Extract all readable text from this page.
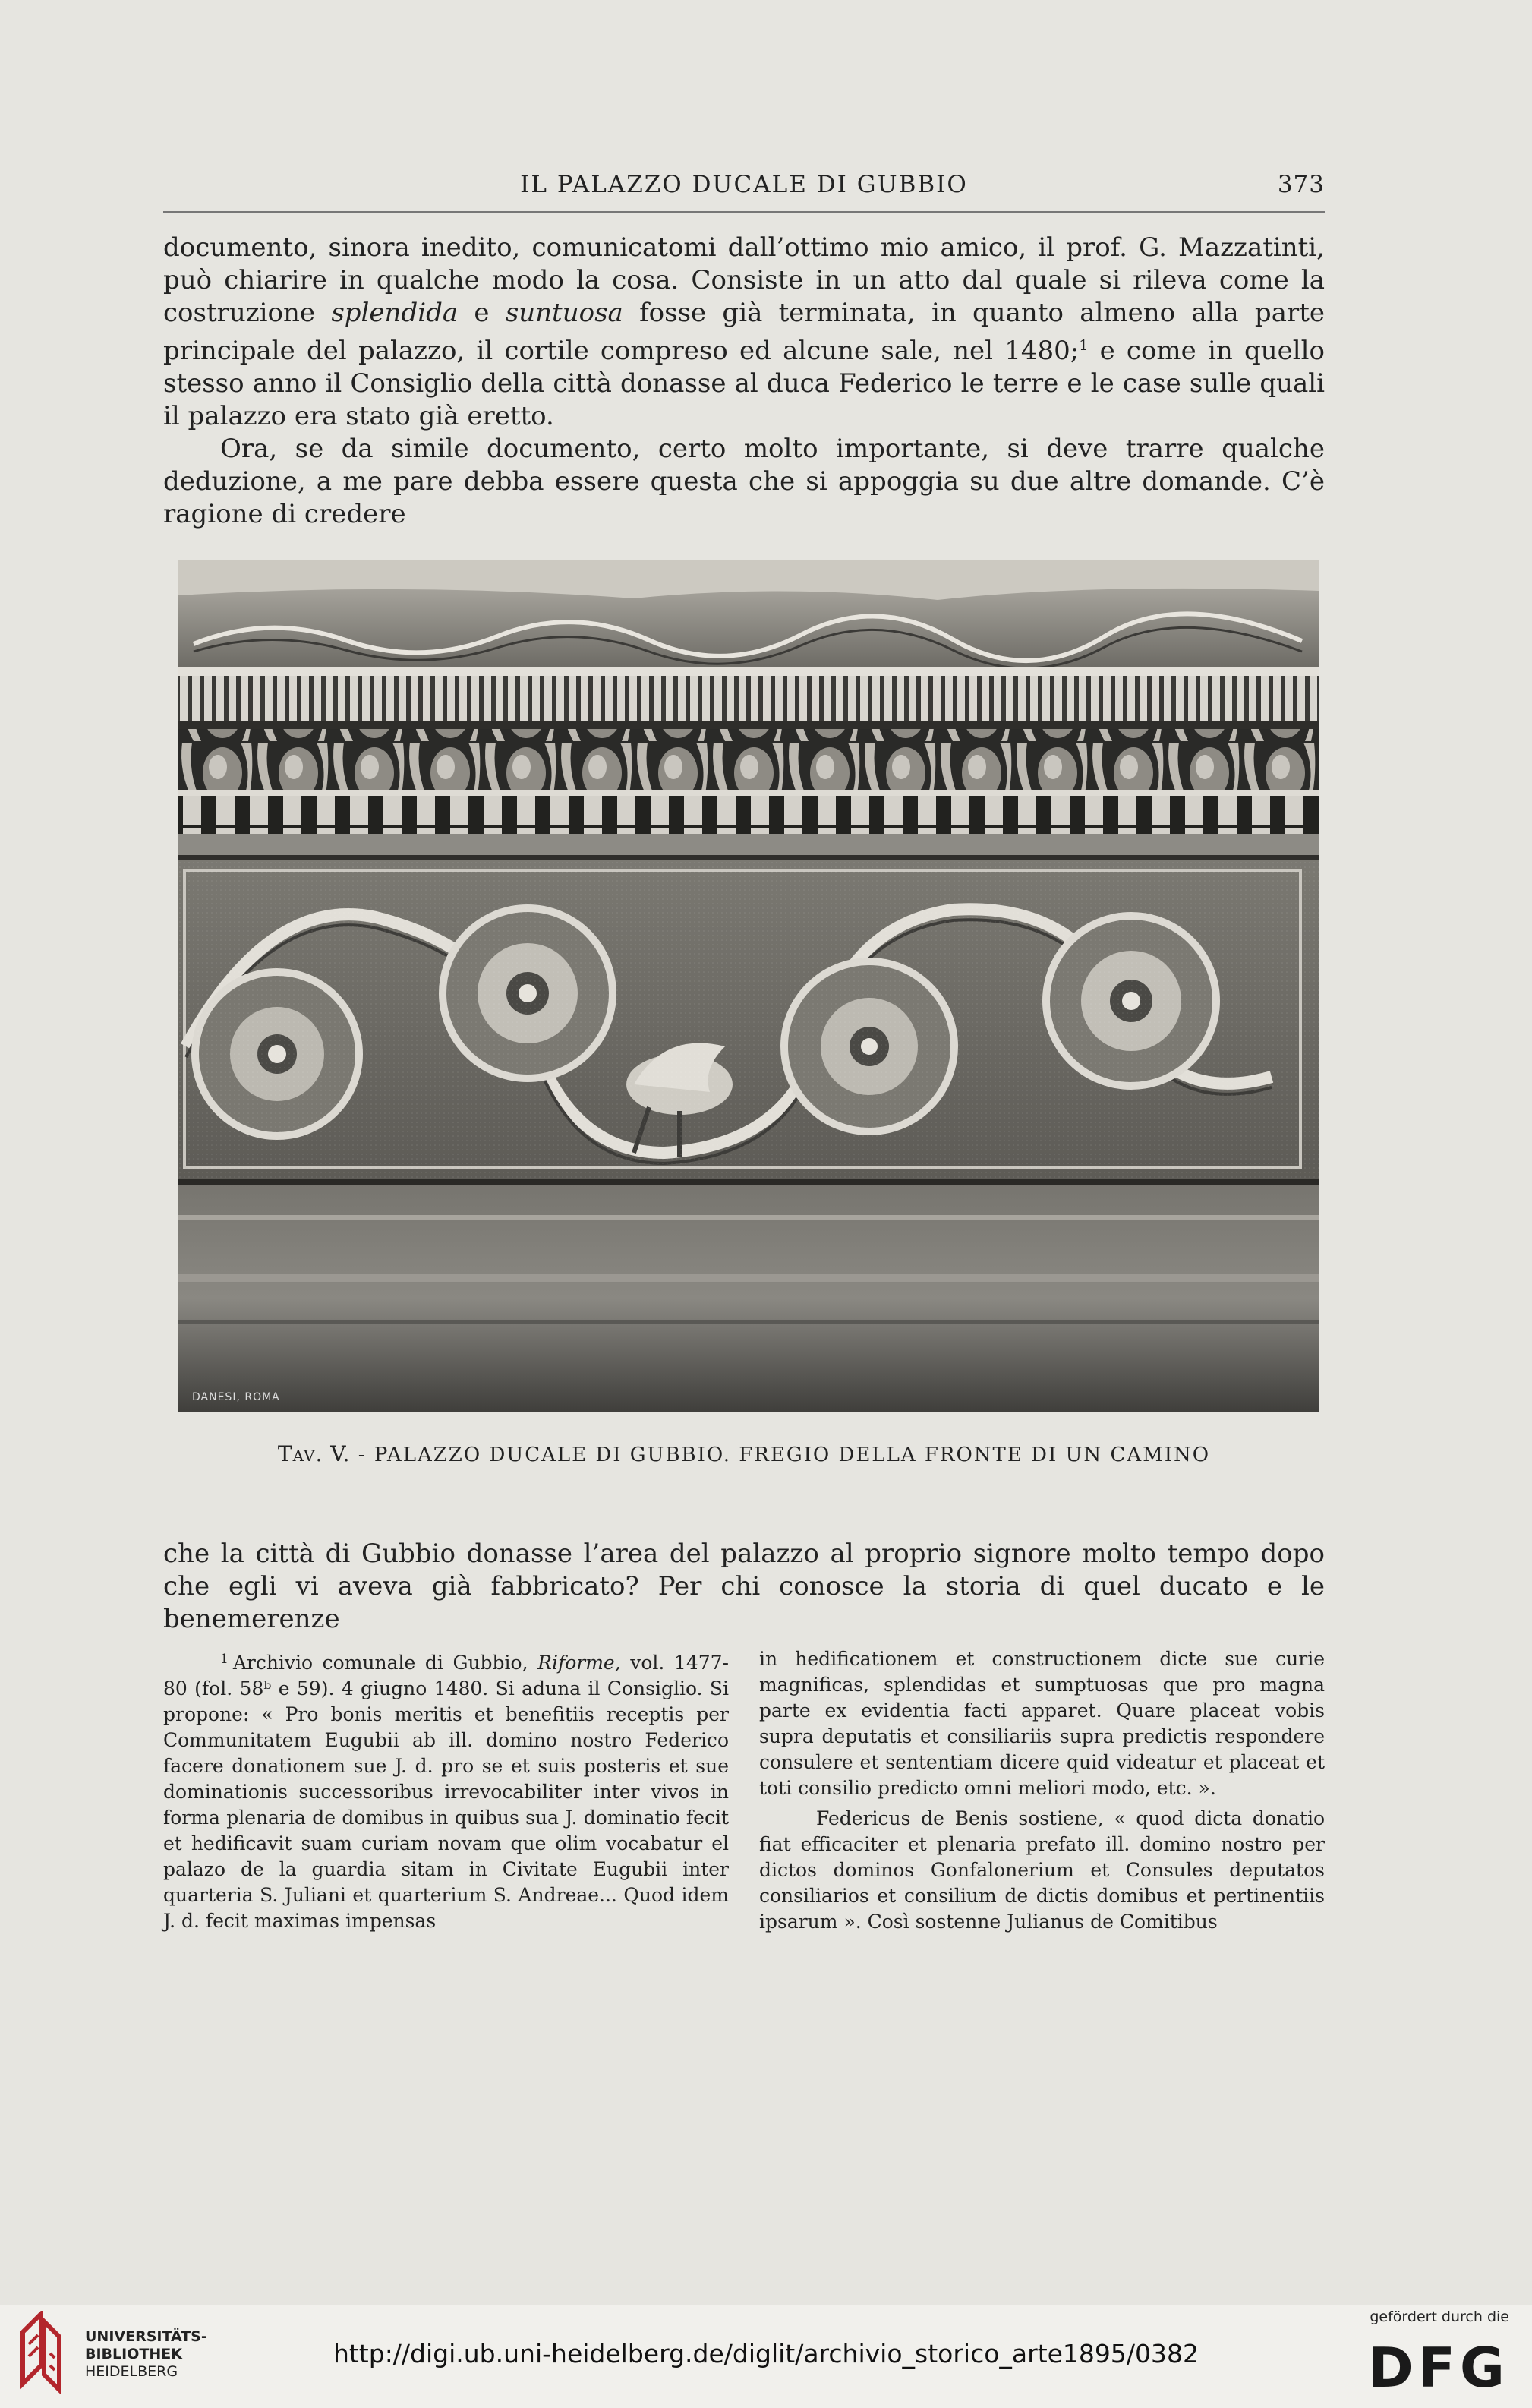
IL PALAZZO DUCALE DI GUBBIO	373

documento, sinora inedito, comunicatomi dall’ottimo mio amico, il prof. G. Mazzatinti, può chiarire in qualche modo la cosa. Consiste in un atto dal quale si rileva come la costruzione splendida e suntuosa fosse già terminata, in quanto almeno alla parte principale del palazzo, il cortile compreso ed alcune sale, nel 1480;$^1$ e come in quello stesso anno il Consiglio della città donasse al duca Federico le terre e le case sulle quali il palazzo era stato già eretto.

Ora, se da simile documento, certo molto importante, si deve trarre qualche deduzione, a me pare debba essere questa che si appoggia su due altre domande. C’è ragione di credere

DANESI, ROMA
Tav. V. - PALAZZO DUCALE DI GUBBIO. FREGIO DELLA FRONTE DI UN CAMINO

che la città di Gubbio donasse l’area del palazzo al proprio signore molto tempo dopo che egli vi aveva già fabbricato? Per chi conosce la storia di quel ducato e le benemerenze

$^1$ Archivio comunale di Gubbio, Riforme, vol. 1477-80 (fol. 58ᵇ e 59). 4 giugno 1480. Si aduna il Consiglio. Si propone: « Pro bonis meritis et benefitiis receptis per Communitatem Eugubii ab ill. domino nostro Federico facere donationem sue J. d. pro se et suis posteris et sue dominationis successoribus irrevocabiliter inter vivos in forma plenaria de domibus in quibus sua J. dominatio fecit et hedificavit suam curiam novam que olim vocabatur el palazo de la guardia sitam in Civitate Eugubii inter quarteria S. Juliani et quarterium S. Andreae... Quod idem J. d. fecit maximas impensas

in hedificationem et constructionem dicte sue curie magnificas, splendidas et sumptuosas que pro magna parte ex evidentia facti apparet. Quare placeat vobis supra deputatis et consiliariis supra predictis respondere consulere et sententiam dicere quid videatur et placeat et toti consilio predicto omni meliori modo, etc. ».

Federicus de Benis sostiene, « quod dicta donatio fiat efficaciter et plenaria prefato ill. domino nostro per dictos dominos Gonfalonerium et Consules deputatos consiliarios et consilium de dictis domibus et pertinentiis ipsarum ». Così sostenne Julianus de Comitibus

UNIVERSITÄTS-
BIBLIOTHEK
HEIDELBERG
http://digi.ub.uni-heidelberg.de/diglit/archivio_storico_arte1895/0382
gefördert durch die
DFG
